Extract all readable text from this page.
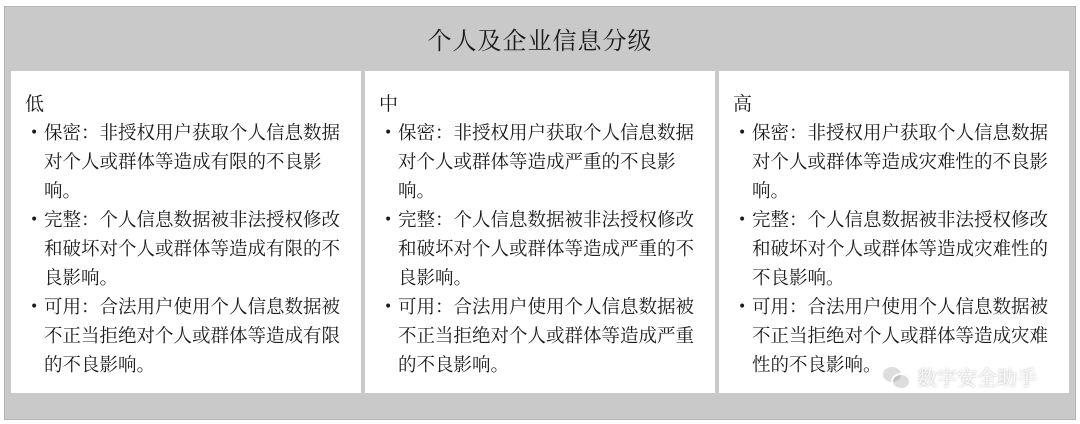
个人及企业信息分级
低
• 保密：非授权用户获取个人信息数据对个人或群体等造成有限的不良影响。
• 完整：个人信息数据被非法授权修改和破坏对个人或群体等造成有限的不良影响。
• 可用：合法用户使用个人信息数据被不正当拒绝对个人或群体等造成有限的不良影响。
中
• 保密：非授权用户获取个人信息数据对个人或群体等造成严重的不良影响。
• 完整：个人信息数据被非法授权修改和破坏对个人或群体等造成严重的不良影响。
• 可用：合法用户使用个人信息数据被不正当拒绝对个人或群体等造成严重的不良影响。
高
• 保密：非授权用户获取个人信息数据对个人或群体等造成灾难性的不良影响。
• 完整：个人信息数据被非法授权修改和破坏对个人或群体等造成灾难性的不良影响。
• 可用：合法用户使用个人信息数据被不正当拒绝对个人或群体等造成灾难性的不良影响。
数字安全助手
